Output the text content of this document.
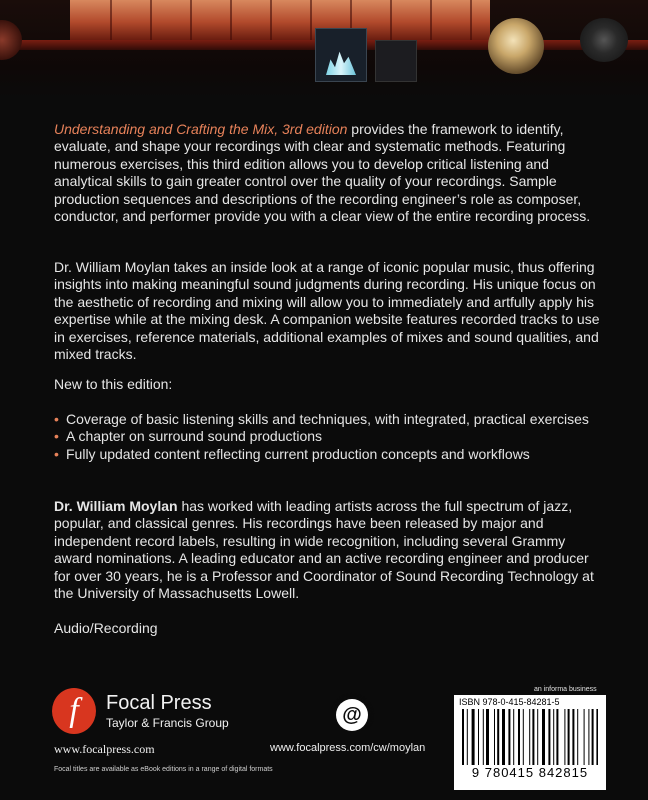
Understanding and Crafting the Mix, 3rd edition provides the framework to identify, evaluate, and shape your recordings with clear and systematic methods. Featuring numerous exercises, this third edition allows you to develop critical listening and analytical skills to gain greater control over the quality of your recordings. Sample production sequences and descriptions of the recording engineer’s role as composer, conductor, and performer provide you with a clear view of the entire recording process.

Dr. William Moylan takes an inside look at a range of iconic popular music, thus offering insights into making meaningful sound judgments during recording. His unique focus on the aesthetic of recording and mixing will allow you to immediately and artfully apply his expertise while at the mixing desk. A companion website features recorded tracks to use in exercises, reference materials, additional examples of mixes and sound qualities, and mixed tracks.

New to this edition:

• Coverage of basic listening skills and techniques, with integrated, practical exercises
• A chapter on surround sound productions
• Fully updated content reflecting current production concepts and workflows

Dr. William Moylan has worked with leading artists across the full spectrum of jazz, popular, and classical genres. His recordings have been released by major and independent record labels, resulting in wide recognition, including several Grammy award nominations. A leading educator and an active recording engineer and producer for over 30 years, he is a Professor and Coordinator of Sound Recording Technology at the University of Massachusetts Lowell.

Audio/Recording

f	Focal Press
Taylor & Francis Group
www.focalpress.com
Focal titles are available as eBook editions in a range of digital formats
@
COMPANION WEBSITE
www.focalpress.com/cw/moylan
an informa business
ISBN 978-0-415-84281-5
9 780415 842815
